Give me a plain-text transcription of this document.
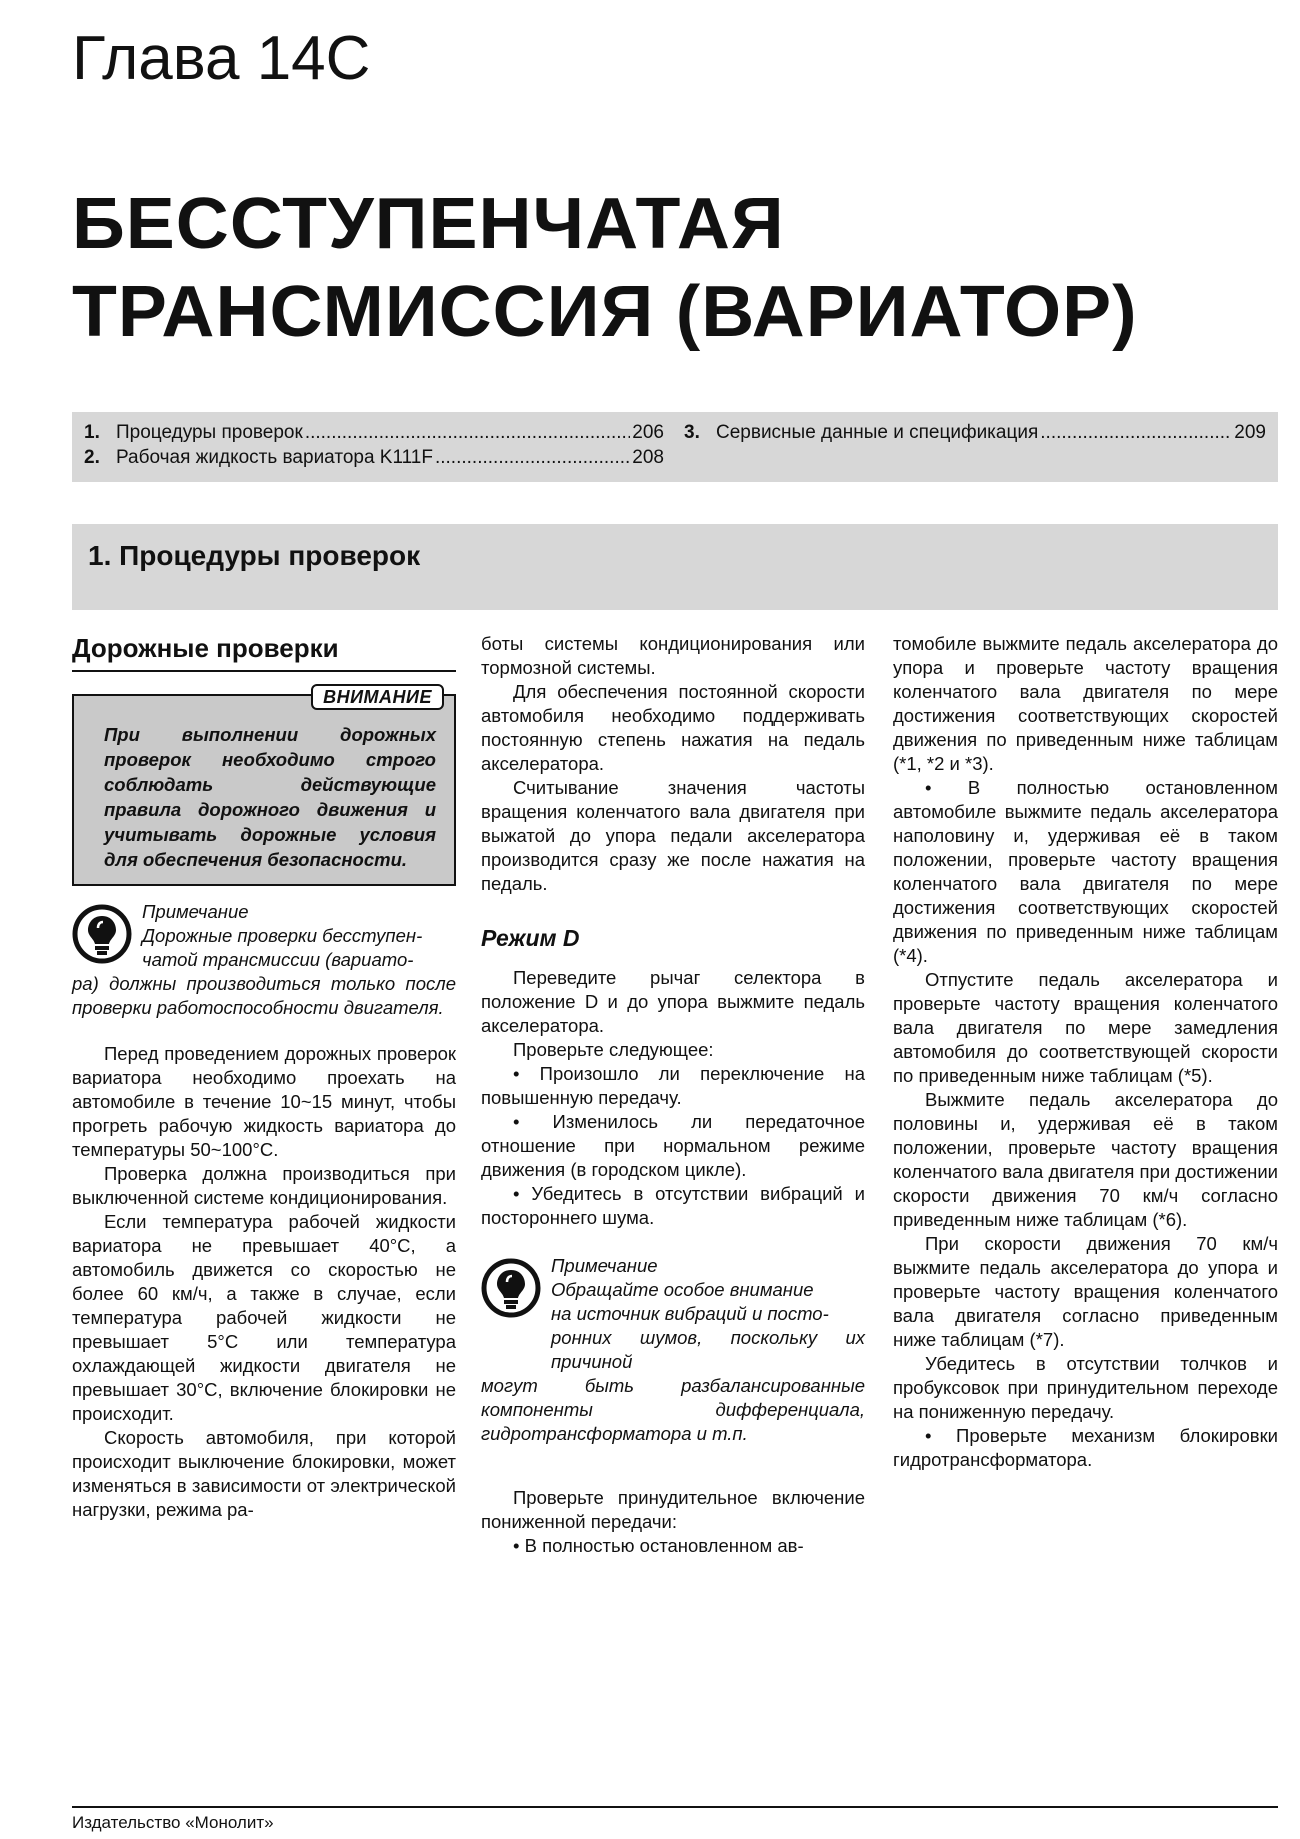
Глава 14С
БЕССТУПЕНЧАТАЯ
ТРАНСМИССИЯ (ВАРИАТОР)
1. Процедуры проверок .....	206
2. Рабочая жидкость вариатора K111F .....	208
3. Сервисные данные и спецификация .....	209
1. Процедуры проверок
Дорожные проверки
ВНИМАНИЕ
При выполнении дорожных проверок необходимо строго соблюдать действующие правила дорожного движения и учитывать дорожные условия для обеспечения безопасности.
Примечание
Дорожные проверки бесступен-
чатой трансмиссии (вариато-
ра) должны производиться только после проверки работоспособности двигателя.

Перед проведением дорожных проверок вариатора необходимо проехать на автомобиле в течение 10~15 минут, чтобы прогреть рабочую жидкость вариатора до температуры 50~100°С.

Проверка должна производиться при выключенной системе кондиционирования.

Если температура рабочей жидкости вариатора не превышает 40°С, а автомобиль движется со скоростью не более 60 км/ч, а также в случае, если температура рабочей жидкости не превышает 5°С или температура охлаждающей жидкости двигателя не превышает 30°С, включение блокировки не происходит.

Скорость автомобиля, при которой происходит выключение блокировки, может изменяться в зависимости от электрической нагрузки, режима ра-

боты системы кондиционирования или тормозной системы.

Для обеспечения постоянной скорости автомобиля необходимо поддерживать постоянную степень нажатия на педаль акселератора.

Считывание значения частоты вращения коленчатого вала двигателя при выжатой до упора педали акселератора производится сразу же после нажатия на педаль.

Режим D

Переведите рычаг селектора в положение D и до упора выжмите педаль акселератора.

Проверьте следующее:

• Произошло ли переключение на повышенную передачу.

• Изменилось ли передаточное отношение при нормальном режиме движения (в городском цикле).

• Убедитесь в отсутствии вибраций и постороннего шума.

Примечание
Обращайте особое внимание
на источник вибраций и посто-
ронних шумов, поскольку их причиной
могут быть разбалансированные компоненты дифференциала, гидротрансформатора и т.п.

Проверьте принудительное включение пониженной передачи:

• В полностью остановленном ав-

томобиле выжмите педаль акселератора до упора и проверьте частоту вращения коленчатого вала двигателя по мере достижения соответствующих скоростей движения по приведенным ниже таблицам (*1, *2 и *3).

• В полностью остановленном автомобиле выжмите педаль акселератора наполовину и, удерживая её в таком положении, проверьте частоту вращения коленчатого вала двигателя по мере достижения соответствующих скоростей движения по приведенным ниже таблицам (*4).

Отпустите педаль акселератора и проверьте частоту вращения коленчатого вала двигателя по мере замедления автомобиля до соответствующей скорости по приведенным ниже таблицам (*5).

Выжмите педаль акселератора до половины и, удерживая её в таком положении, проверьте частоту вращения коленчатого вала двигателя при достижении скорости движения 70 км/ч согласно приведенным ниже таблицам (*6).

При скорости движения 70 км/ч выжмите педаль акселератора до упора и проверьте частоту вращения коленчатого вала двигателя согласно приведенным ниже таблицам (*7).

Убедитесь в отсутствии толчков и пробуксовок при принудительном переходе на пониженную передачу.

• Проверьте механизм блокировки гидротрансформатора.

Издательство «Монолит»
